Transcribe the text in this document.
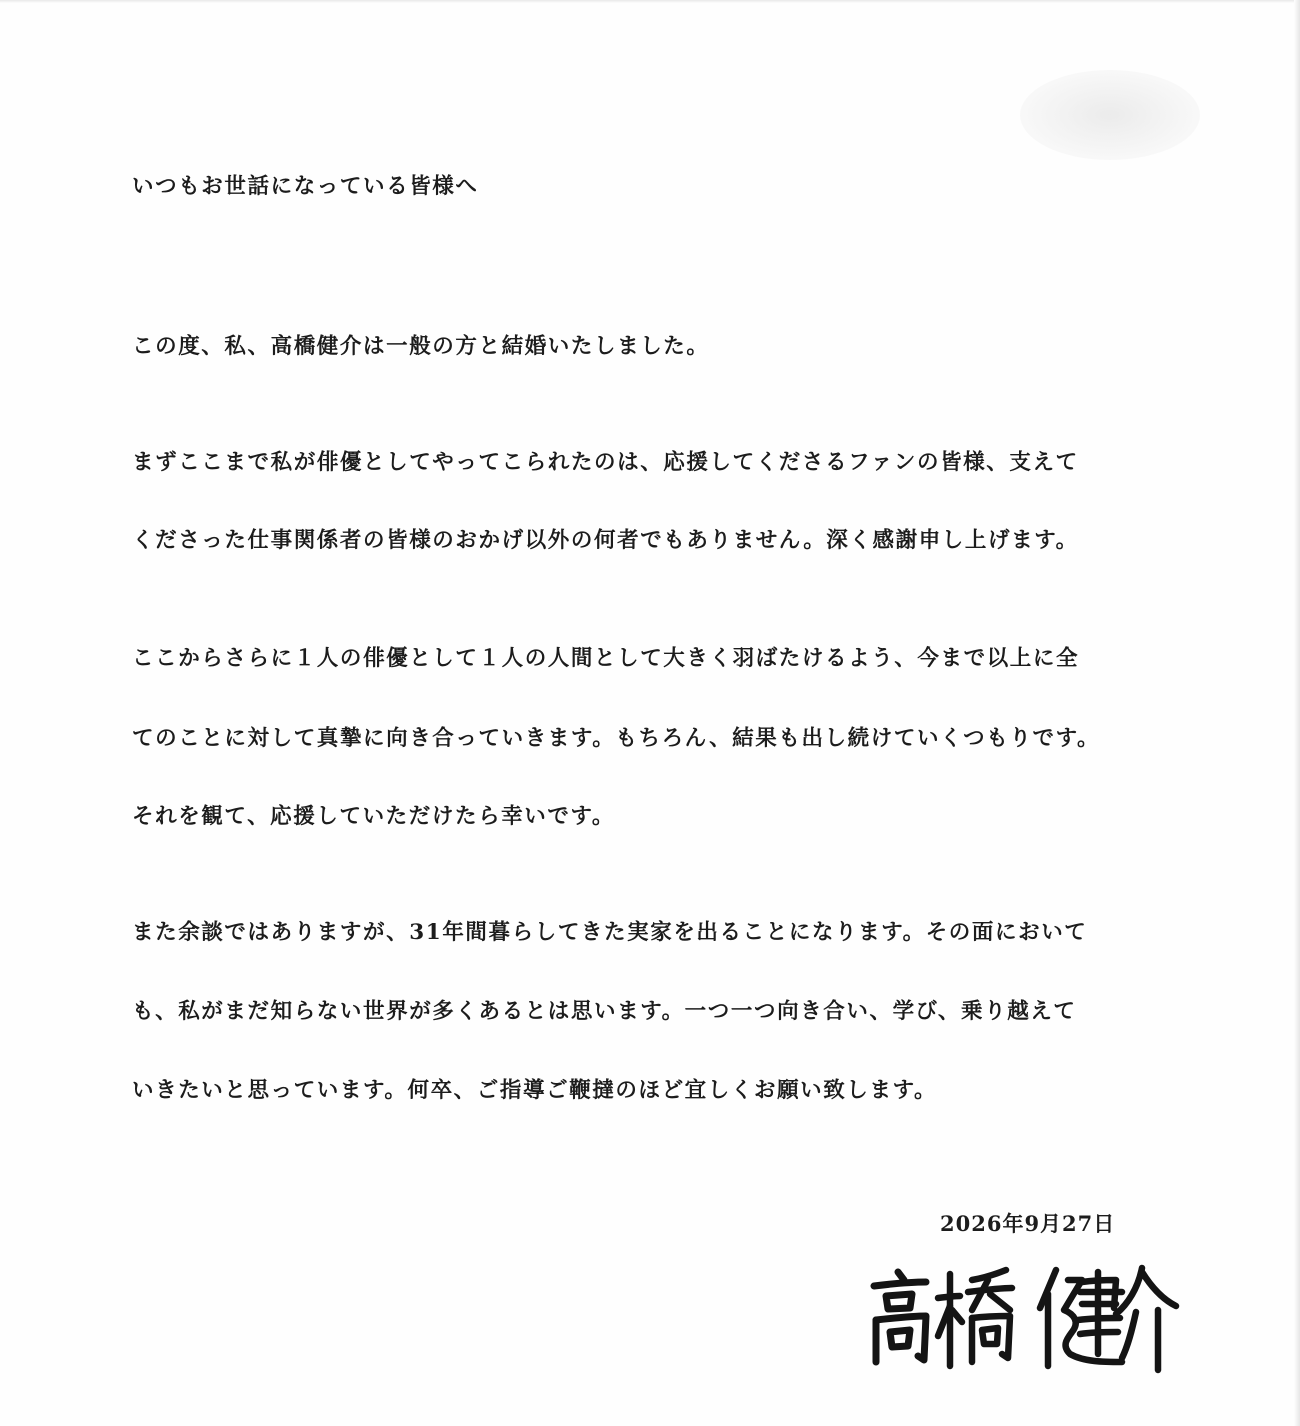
いつもお世話になっている皆様へ
この度、私、高橋健介は一般の方と結婚いたしました。
まずここまで私が俳優としてやってこられたのは、応援してくださるファンの皆様、支えて
くださった仕事関係者の皆様のおかげ以外の何者でもありません。深く感謝申し上げます。
ここからさらに１人の俳優として１人の人間として大きく羽ばたけるよう、今まで以上に全
てのことに対して真摯に向き合っていきます。もちろん、結果も出し続けていくつもりです。
それを観て、応援していただけたら幸いです。
また余談ではありますが、31年間暮らしてきた実家を出ることになります。その面において
も、私がまだ知らない世界が多くあるとは思います。一つ一つ向き合い、学び、乗り越えて
いきたいと思っています。何卒、ご指導ご鞭撻のほど宜しくお願い致します。
2026年9月27日
